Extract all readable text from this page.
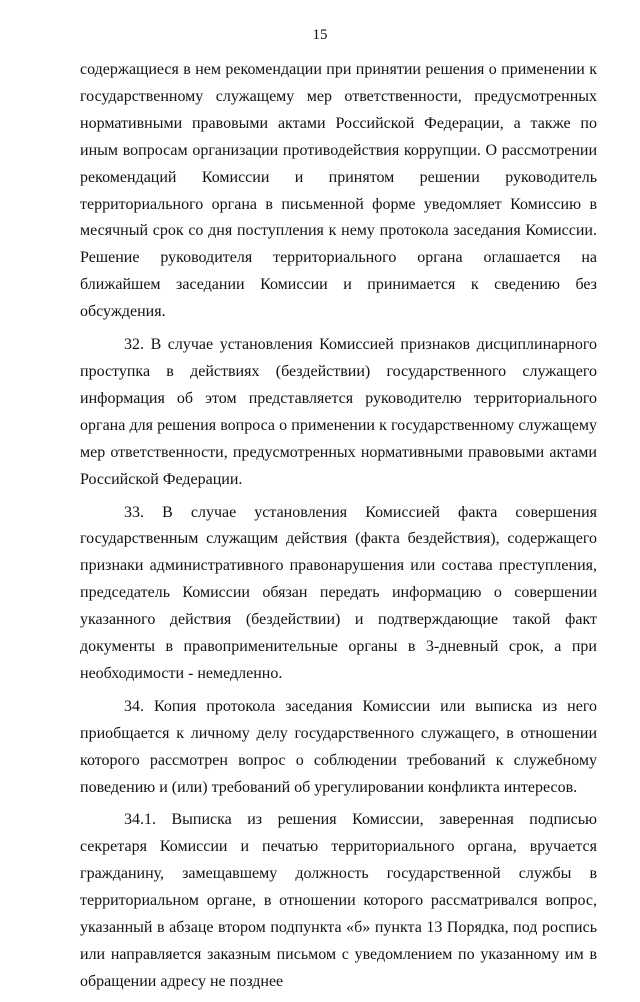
15

содержащиеся в нем рекомендации при принятии решения о применении к государственному служащему мер ответственности, предусмотренных нормативными правовыми актами Российской Федерации, а также по иным вопросам организации противодействия коррупции. О рассмотрении рекомендаций Комиссии и принятом решении руководитель территориального органа в письменной форме уведомляет Комиссию в месячный срок со дня поступления к нему протокола заседания Комиссии. Решение руководителя территориального органа оглашается на ближайшем заседании Комиссии и принимается к сведению без обсуждения.

32. В случае установления Комиссией признаков дисциплинарного проступка в действиях (бездействии) государственного служащего информация об этом представляется руководителю территориального органа для решения вопроса о применении к государственному служащему мер ответственности, предусмотренных нормативными правовыми актами Российской Федерации.

33. В случае установления Комиссией факта совершения государственным служащим действия (факта бездействия), содержащего признаки административного правонарушения или состава преступления, председатель Комиссии обязан передать информацию о совершении указанного действия (бездействии) и подтверждающие такой факт документы в правоприменительные органы в 3-дневный срок, а при необходимости - немедленно.

34. Копия протокола заседания Комиссии или выписка из него приобщается к личному делу государственного служащего, в отношении которого рассмотрен вопрос о соблюдении требований к служебному поведению и (или) требований об урегулировании конфликта интересов.

34.1. Выписка из решения Комиссии, заверенная подписью секретаря Комиссии и печатью территориального органа, вручается гражданину, замещавшему должность государственной службы в территориальном органе, в отношении которого рассматривался вопрос, указанный в абзаце втором подпункта «б» пункта 13 Порядка, под роспись или направляется заказным письмом с уведомлением по указанному им в обращении адресу не позднее
